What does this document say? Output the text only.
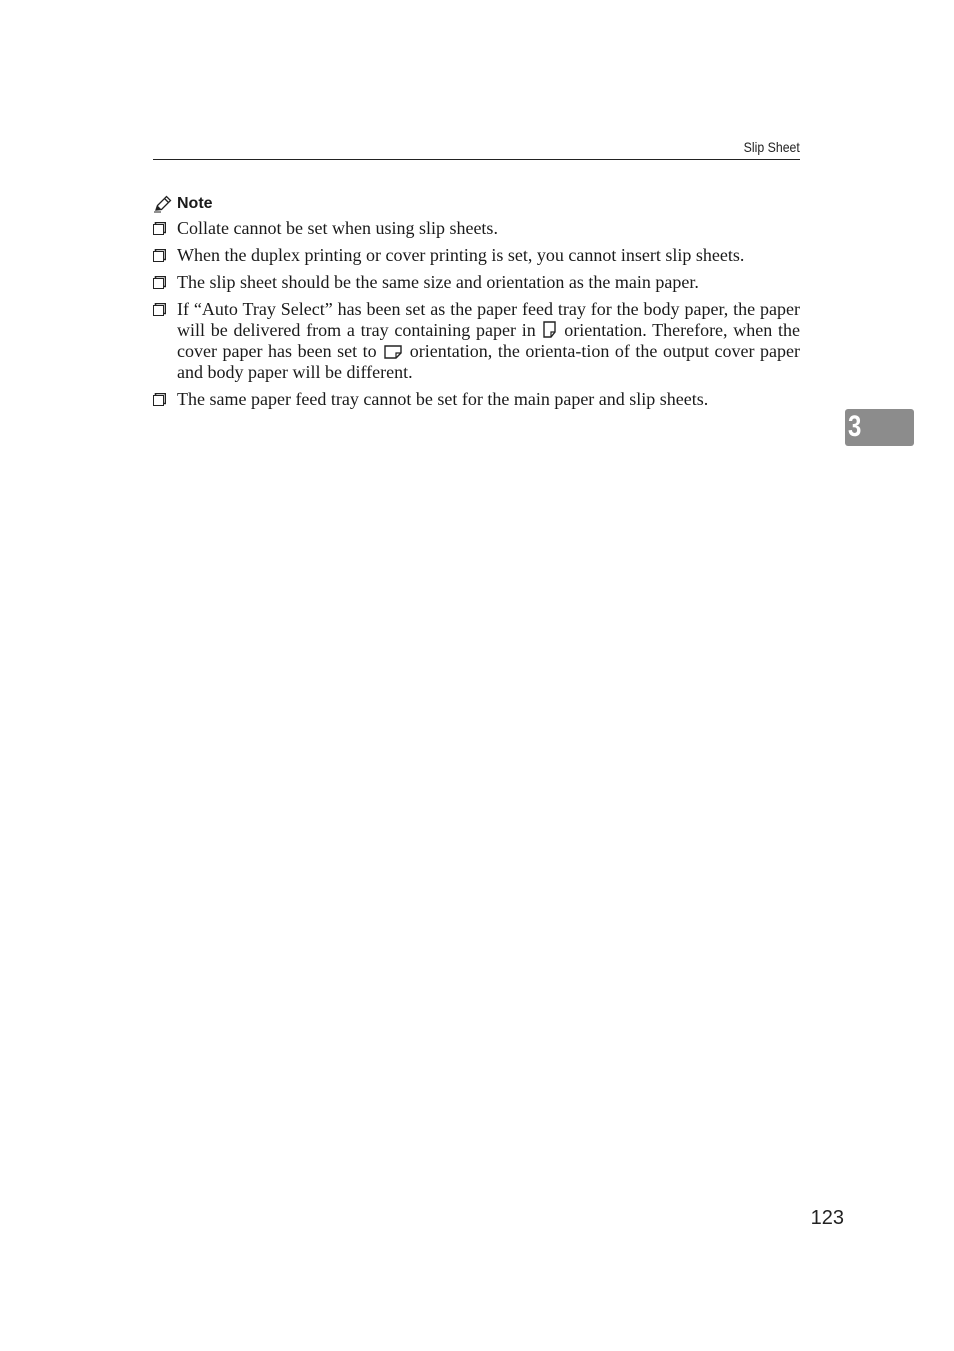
Slip Sheet
Note
Collate cannot be set when using slip sheets.
When the duplex printing or cover printing is set, you cannot insert slip sheets.
The slip sheet should be the same size and orientation as the main paper.
If “Auto Tray Select” has been set as the paper feed tray for the body paper, the paper will be delivered from a tray containing paper in orientation. Therefore, when the cover paper has been set to orientation, the orienta-tion of the output cover paper and body paper will be different.
The same paper feed tray cannot be set for the main paper and slip sheets.
3
123
